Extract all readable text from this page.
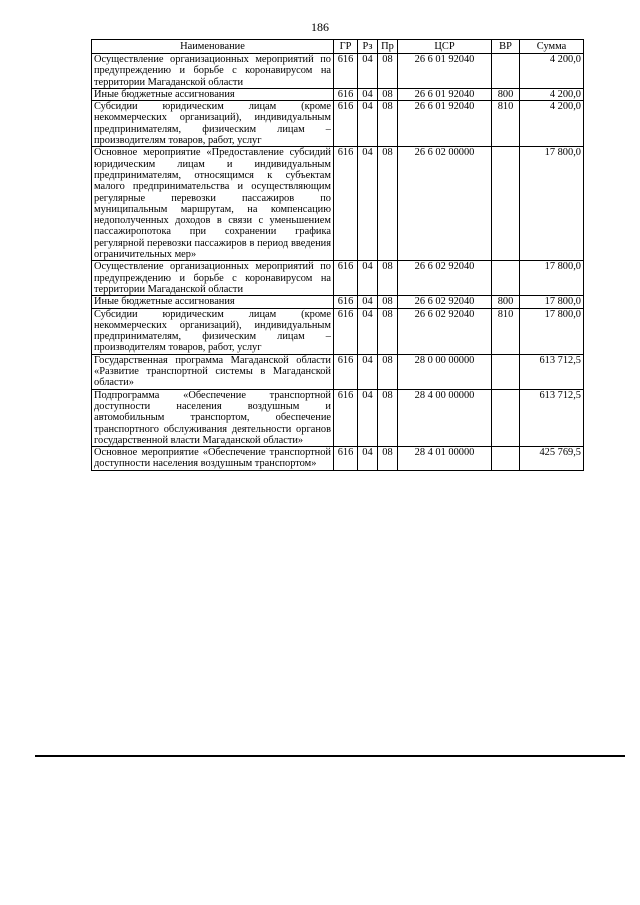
186
Наименование	ГР	Рз	Пр	ЦСР	ВР	Сумма
Осуществление организационных мероприятий по предупреждению и борьбе с коронавирусом на территории Магаданской области	616	04	08	26 6 01 92040		4 200,0
Иные бюджетные ассигнования	616	04	08	26 6 01 92040	800	4 200,0
Субсидии юридическим лицам (кроме некоммерческих организаций), индивидуальным предпринимателям, физическим лицам – производителям товаров, работ, услуг	616	04	08	26 6 01 92040	810	4 200,0
Основное мероприятие «Предоставление субсидий юридическим лицам и индивидуальным предпринимателям, относящимся к субъектам малого предпринимательства и осуществляющим регулярные перевозки пассажиров по муниципальным маршрутам, на компенсацию недополученных доходов в связи с уменьшением пассажиропотока при сохранении графика регулярной перевозки пассажиров в период введения ограничительных мер»	616	04	08	26 6 02 00000		17 800,0
Осуществление организационных мероприятий по предупреждению и борьбе с коронавирусом на территории Магаданской области	616	04	08	26 6 02 92040		17 800,0
Иные бюджетные ассигнования	616	04	08	26 6 02 92040	800	17 800,0
Субсидии юридическим лицам (кроме некоммерческих организаций), индивидуальным предпринимателям, физическим лицам – производителям товаров, работ, услуг	616	04	08	26 6 02 92040	810	17 800,0
Государственная программа Магаданской области «Развитие транспортной системы в Магаданской области»	616	04	08	28 0 00 00000		613 712,5
Подпрограмма «Обеспечение транспортной доступности населения воздушным и автомобильным транспортом, обеспечение транспортного обслуживания деятельности органов государственной власти Магаданской области»	616	04	08	28 4 00 00000		613 712,5
Основное мероприятие «Обеспечение транспортной доступности населения воздушным транспортом»	616	04	08	28 4 01 00000		425 769,5
